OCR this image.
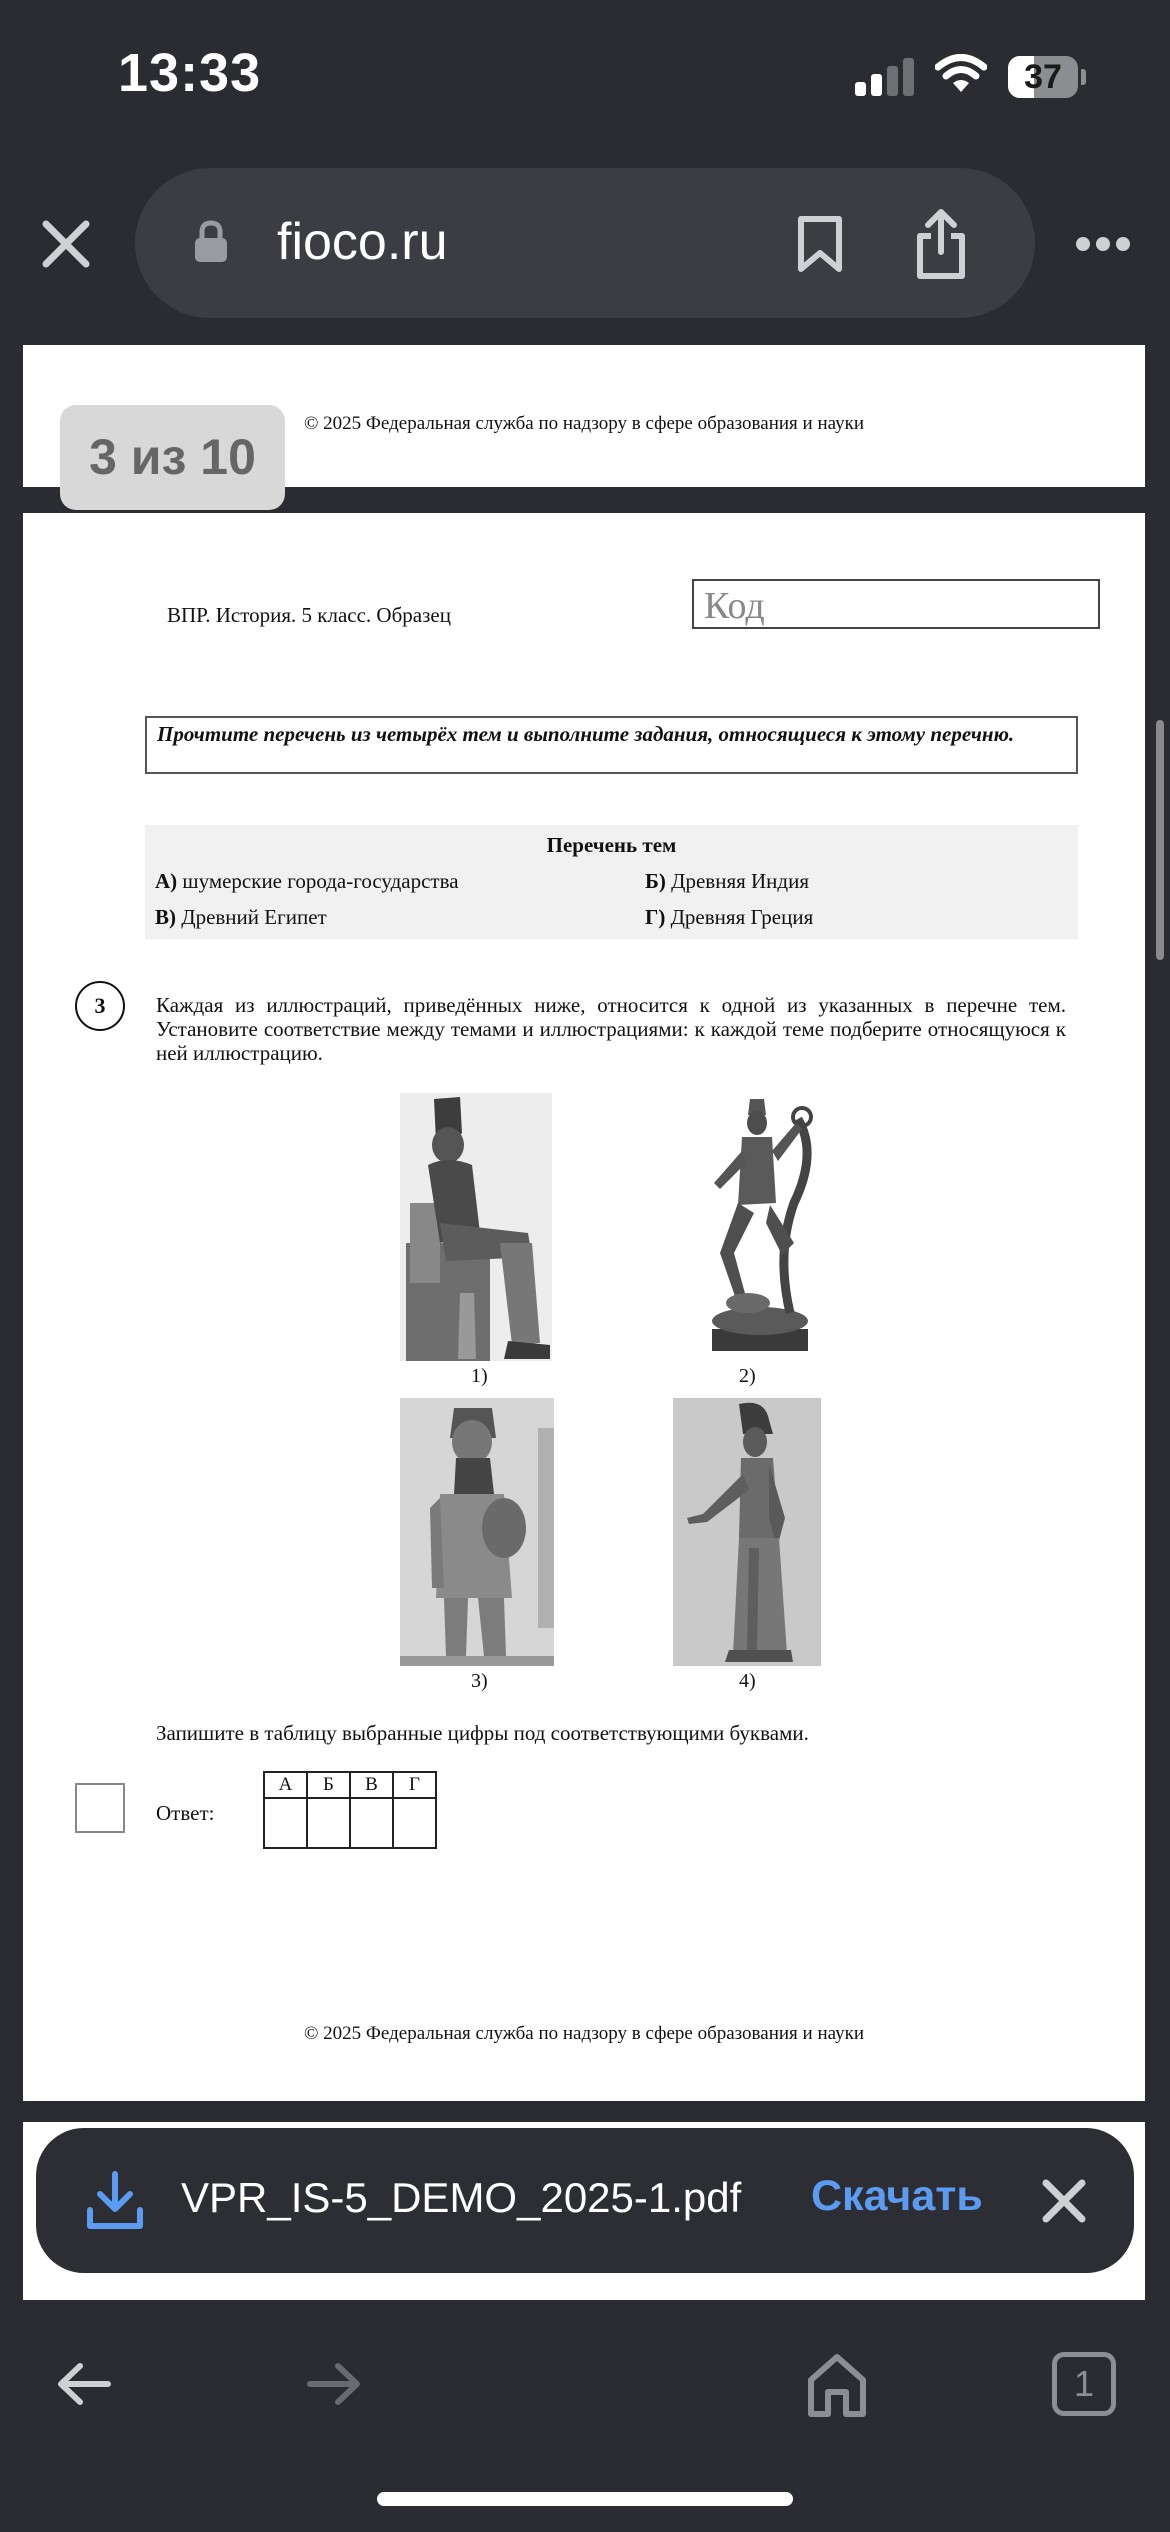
13:33	37
fioco.ru
© 2025 Федеральная служба по надзору в сфере образования и науки
3 из 10
ВПР. История. 5 класс. Образец	Код
Прочтите перечень из четырёх тем и выполните задания, относящиеся к этому перечню.
Перечень тем
А) шумерские города-государства	Б) Древняя Индия
В) Древний Египет	Г) Древняя Греция
3	Каждая из иллюстраций, приведённых ниже, относится к одной из указанных в перечне тем. Установите соответствие между темами и иллюстрациями: к каждой теме подберите относящуюся к ней иллюстрацию.
1)	2)
3)	4)
Запишите в таблицу выбранные цифры под соответствующими буквами.
Ответ:
А	Б	В	Г

© 2025 Федеральная служба по надзору в сфере образования и науки
VPR_IS-5_DEMO_2025-1.pdf Скачать
1
